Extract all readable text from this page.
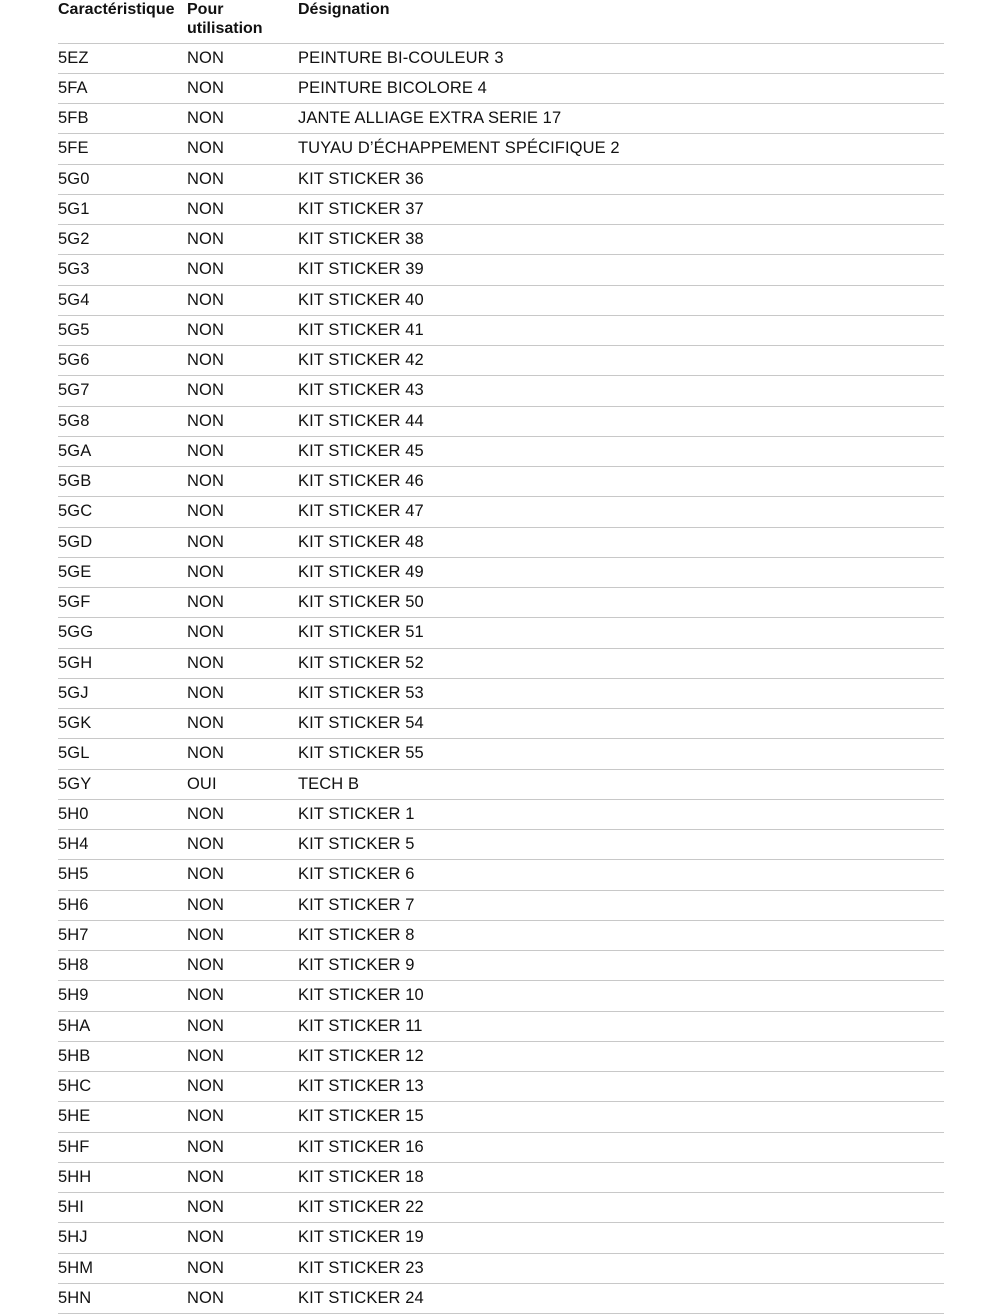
Caractéristique	Pour utilisation	Désignation
5EZ	NON	PEINTURE BI-COULEUR 3
5FA	NON	PEINTURE BICOLORE 4
5FB	NON	JANTE ALLIAGE EXTRA SERIE 17
5FE	NON	TUYAU D’ÉCHAPPEMENT SPÉCIFIQUE 2
5G0	NON	KIT STICKER 36
5G1	NON	KIT STICKER 37
5G2	NON	KIT STICKER 38
5G3	NON	KIT STICKER 39
5G4	NON	KIT STICKER 40
5G5	NON	KIT STICKER 41
5G6	NON	KIT STICKER 42
5G7	NON	KIT STICKER 43
5G8	NON	KIT STICKER 44
5GA	NON	KIT STICKER 45
5GB	NON	KIT STICKER 46
5GC	NON	KIT STICKER 47
5GD	NON	KIT STICKER 48
5GE	NON	KIT STICKER 49
5GF	NON	KIT STICKER 50
5GG	NON	KIT STICKER 51
5GH	NON	KIT STICKER 52
5GJ	NON	KIT STICKER 53
5GK	NON	KIT STICKER 54
5GL	NON	KIT STICKER 55
5GY	OUI	TECH B
5H0	NON	KIT STICKER 1
5H4	NON	KIT STICKER 5
5H5	NON	KIT STICKER 6
5H6	NON	KIT STICKER 7
5H7	NON	KIT STICKER 8
5H8	NON	KIT STICKER 9
5H9	NON	KIT STICKER 10
5HA	NON	KIT STICKER 11
5HB	NON	KIT STICKER 12
5HC	NON	KIT STICKER 13
5HE	NON	KIT STICKER 15
5HF	NON	KIT STICKER 16
5HH	NON	KIT STICKER 18
5HI	NON	KIT STICKER 22
5HJ	NON	KIT STICKER 19
5HM	NON	KIT STICKER 23
5HN	NON	KIT STICKER 24
